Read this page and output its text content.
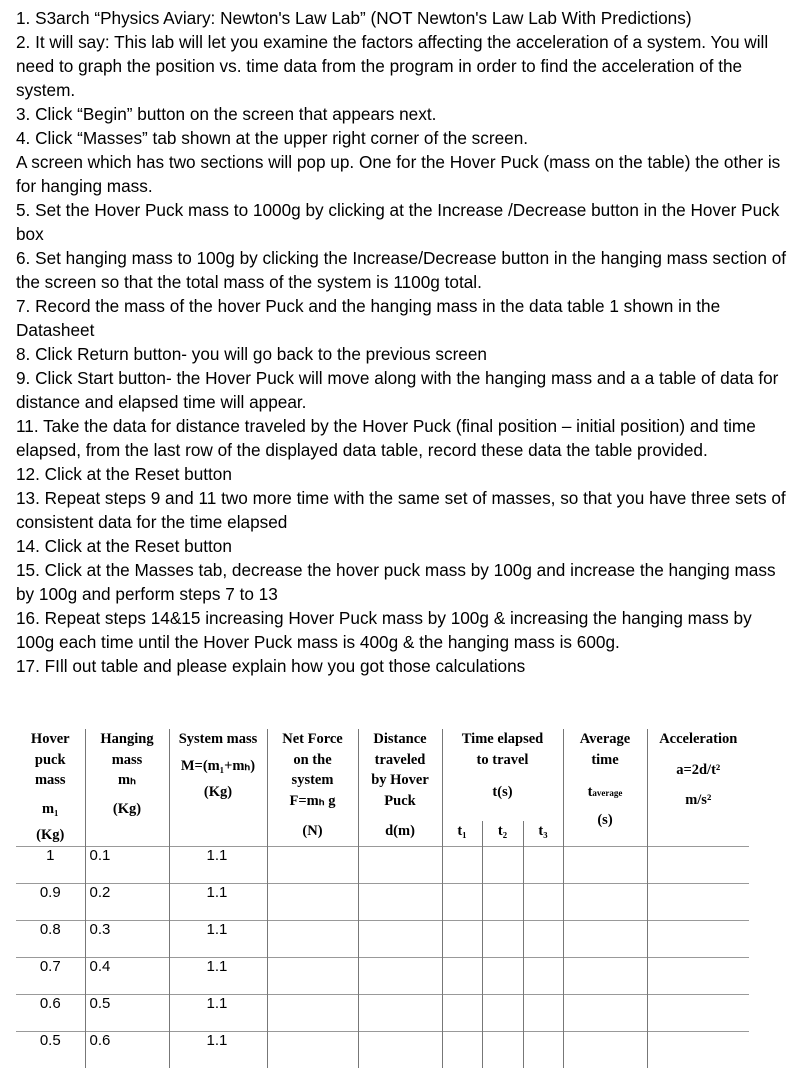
1. S3arch “Physics Aviary: Newton's Law Lab” (NOT Newton's Law Lab With Predictions)

2. It will say: This lab will let you examine the factors affecting the acceleration of a system. You will need to graph the position vs. time data from the program in order to find the acceleration of the system.

3. Click “Begin” button on the screen that appears next.

4. Click “Masses” tab shown at the upper right corner of the screen.

A screen which has two sections will pop up. One for the Hover Puck (mass on the table) the other is for hanging mass.

5. Set the Hover Puck mass to 1000g by clicking at the Increase /Decrease button in the Hover Puck box

6. Set hanging mass to 100g by clicking the Increase/Decrease button in the hanging mass section of the screen so that the total mass of the system is 1100g total.

7. Record the mass of the hover Puck and the hanging mass in the data table 1 shown in the Datasheet

8. Click Return button- you will go back to the previous screen

9. Click Start button- the Hover Puck will move along with the hanging mass and a a table of data for distance and elapsed time will appear.

11. Take the data for distance traveled by the Hover Puck (final position – initial position) and time elapsed, from the last row of the displayed data table, record these data the table provided.

12. Click at the Reset button

13. Repeat steps 9 and 11 two more time with the same set of masses, so that you have three sets of consistent data for the time elapsed

14. Click at the Reset button

15. Click at the Masses tab, decrease the hover puck mass by 100g and increase the hanging mass by 100g and perform steps 7 to 13

16. Repeat steps 14&15 increasing Hover Puck mass by 100g & increasing the hanging mass by 100g each time until the Hover Puck mass is 400g & the hanging mass is 600g.

17. FIll out table and please explain how you got those calculations

Hover
puck
mass
m₁
(Kg)	Hanging
mass
mₕ
(Kg)	System mass
M=(m₁+mₕ)
(Kg)	Net Force
on the
system
F=mₕ g
(N)	Distance
traveled
by Hover
Puck
d(m)	Time elapsed
to travel
t(s)			Average
time
taverage
(s)	Acceleration
a=2d/t²
m/s²

					t₁	t₂	t₃		
1	0.1	1.1							
0.9	0.2	1.1							
0.8	0.3	1.1							
0.7	0.4	1.1							
0.6	0.5	1.1							
0.5	0.6	1.1							
